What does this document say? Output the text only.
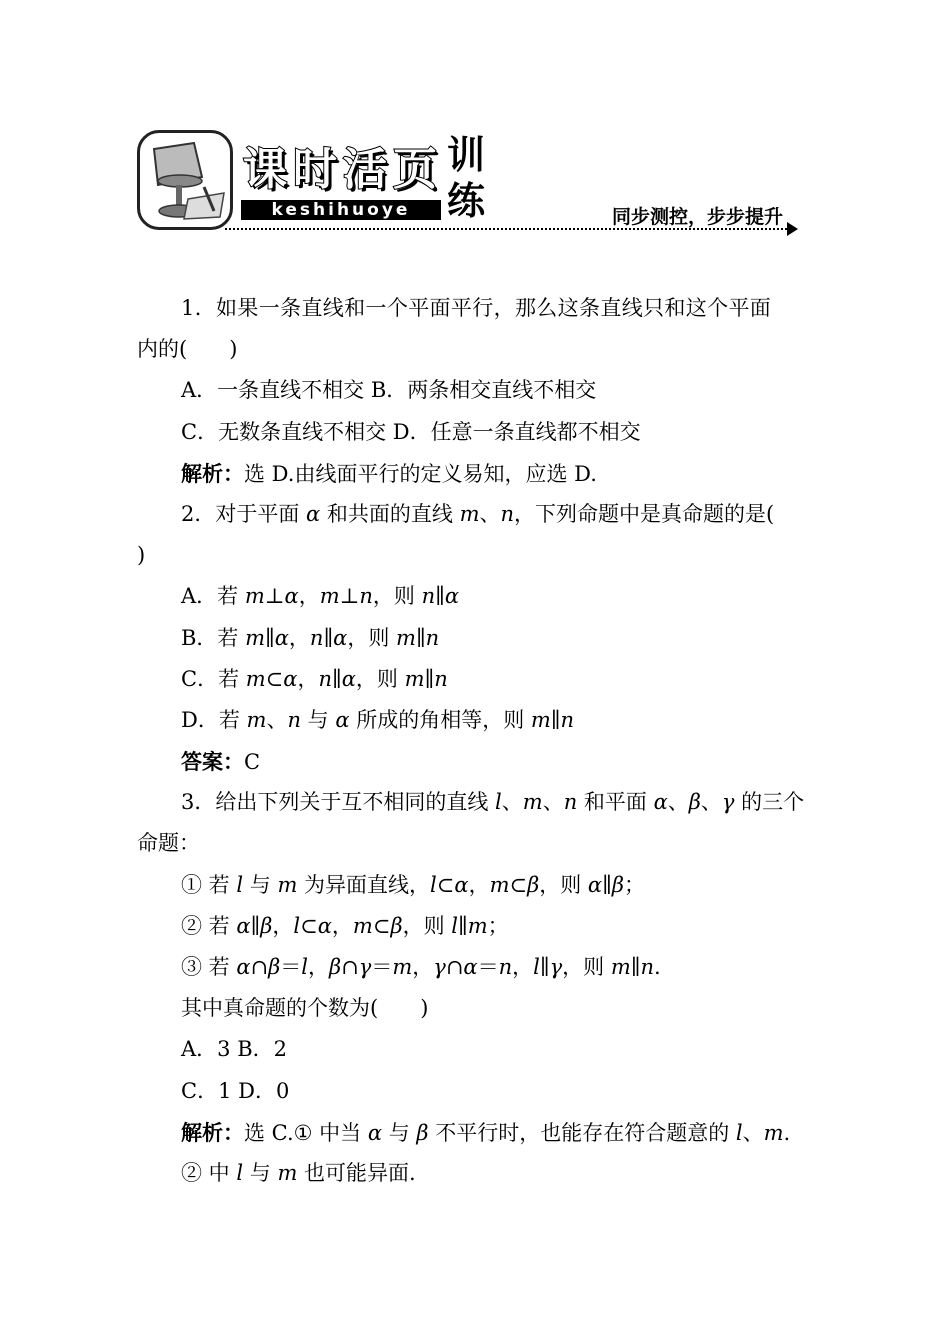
课 时 活 页
keshihuoye
训
练	同步测控，步步提升
1．如果一条直线和一个平面平行，那么这条直线只和这个平面
内的(　　)
A．一条直线不相交 B．两条相交直线不相交
C．无数条直线不相交 D．任意一条直线都不相交
解析：选 D.由线面平行的定义易知，应选 D.
2．对于平面 α 和共面的直线 m、n，下列命题中是真命题的是(
)
A．若 m⊥α，m⊥n，则 n∥α
B．若 m∥α，n∥α，则 m∥n
C．若 m⊂α，n∥α，则 m∥n
D．若 m、n 与 α 所成的角相等，则 m∥n
答案：C
3．给出下列关于互不相同的直线 l、m、n 和平面 α、β、γ 的三个
命题：
① 若 l 与 m 为异面直线，l⊂α，m⊂β，则 α∥β；
② 若 α∥β，l⊂α，m⊂β，则 l∥m；
③ 若 α∩β＝l，β∩γ＝m，γ∩α＝n，l∥γ，则 m∥n.
其中真命题的个数为(　　)
A．3 B．2
C．1 D．0
解析：选 C.① 中当 α 与 β 不平行时，也能存在符合题意的 l、m.
② 中 l 与 m 也可能异面.
